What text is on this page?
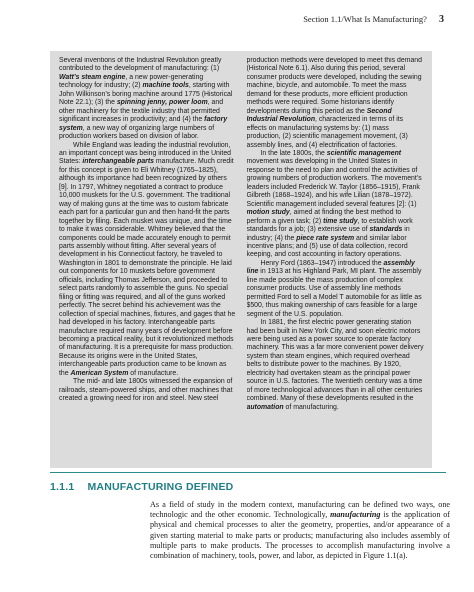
Section 1.1/What Is Manufacturing? 3

Several inventions of the Industrial Revolution greatly contributed to the development of manufacturing: (1) Watt’s steam engine, a new power-generating technology for industry; (2) machine tools, starting with John Wilkinson’s boring machine around 1775 (Historical Note 22.1); (3) the spinning jenny, power loom, and other machinery for the textile industry that permitted significant increases in productivity; and (4) the factory system, a new way of organizing large numbers of production workers based on division of labor.

While England was leading the industrial revolution, an important concept was being introduced in the United States: interchangeable parts manufacture. Much credit for this concept is given to Eli Whitney (1765–1825), although its importance had been recognized by others [9]. In 1797, Whitney negotiated a contract to produce 10,000 muskets for the U.S. government. The traditional way of making guns at the time was to custom fabricate each part for a particular gun and then hand-fit the parts together by filing. Each musket was unique, and the time to make it was considerable. Whitney believed that the components could be made accurately enough to permit parts assembly without fitting. After several years of development in his Connecticut factory, he traveled to Washington in 1801 to demonstrate the principle. He laid out components for 10 muskets before government officials, including Thomas Jefferson, and proceeded to select parts randomly to assemble the guns. No special filing or fitting was required, and all of the guns worked perfectly. The secret behind his achievement was the collection of special machines, fixtures, and gages that he had developed in his factory. Interchangeable parts manufacture required many years of development before becoming a practical reality, but it revolutionized methods of manufacturing. It is a prerequisite for mass production. Because its origins were in the United States, interchangeable parts production came to be known as the American System of manufacture.

The mid- and late 1800s witnessed the expansion of railroads, steam-powered ships, and other machines that created a growing need for iron and steel. New steel

production methods were developed to meet this demand (Historical Note 6.1). Also during this period, several consumer products were developed, including the sewing machine, bicycle, and automobile. To meet the mass demand for these products, more efficient production methods were required. Some historians identify developments during this period as the Second Industrial Revolution, characterized in terms of its effects on manufacturing systems by: (1) mass production, (2) scientific management movement, (3) assembly lines, and (4) electrification of factories.

In the late 1800s, the scientific management movement was developing in the United States in response to the need to plan and control the activities of growing numbers of production workers. The movement’s leaders included Frederick W. Taylor (1856–1915), Frank Gilbreth (1868–1924), and his wife Lilian (1878–1972). Scientific management included several features [2]: (1) motion study, aimed at finding the best method to perform a given task; (2) time study, to establish work standards for a job; (3) extensive use of standards in industry; (4) the piece rate system and similar labor incentive plans; and (5) use of data collection, record keeping, and cost accounting in factory operations.

Henry Ford (1863–1947) introduced the assembly line in 1913 at his Highland Park, MI plant. The assembly line made possible the mass production of complex consumer products. Use of assembly line methods permitted Ford to sell a Model T automobile for as little as $500, thus making ownership of cars feasible for a large segment of the U.S. population.

In 1881, the first electric power generating station had been built in New York City, and soon electric motors were being used as a power source to operate factory machinery. This was a far more convenient power delivery system than steam engines, which required overhead belts to distribute power to the machines. By 1920, electricity had overtaken steam as the principal power source in U.S. factories. The twentieth century was a time of more technological advances than in all other centuries combined. Many of these developments resulted in the automation of manufacturing.

1.1.1 MANUFACTURING DEFINED

As a field of study in the modern context, manufacturing can be defined two ways, one technologic and the other economic. Technologically, manufacturing is the application of physical and chemical processes to alter the geometry, properties, and/or appearance of a given starting material to make parts or products; manufacturing also includes assembly of multiple parts to make products. The processes to accomplish manufacturing involve a combination of machinery, tools, power, and labor, as depicted in Figure 1.1(a).
